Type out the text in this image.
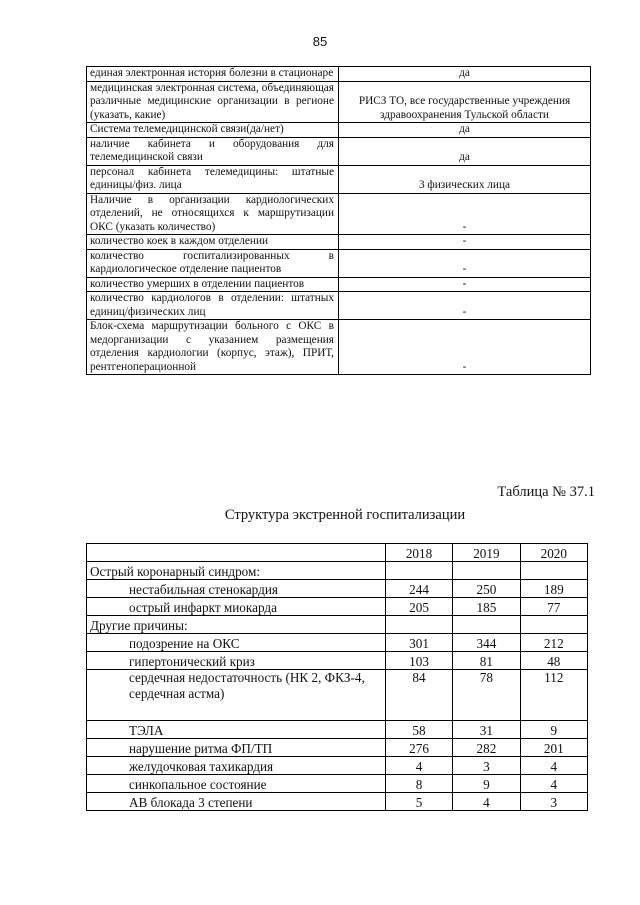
85
единая электронная история болезни в стационаре	да
медицинская электронная система, объединяющая различные медицинские организации в регионе (указать, какие)	РИСЗ ТО, все государственные учреждения здравоохранения Тульской области
Система телемедицинской связи(да/нет)	да
наличие кабинета и оборудования для телемедицинской связи	да
персонал кабинета телемедицины: штатные единицы/физ. лица	3 физических лица
Наличие в организации кардиологических отделений, не относящихся к маршрутизации ОКС (указать количество)	-
количество коек в каждом отделении	-
количество госпитализированных в кардиологическое отделение пациентов	-
количество умерших в отделении пациентов	-
количество кардиологов в отделении: штатных единиц/физических лиц	-
Блок-схема маршрутизации больного с ОКС в медорганизации с указанием размещения отделения кардиологии (корпус, этаж), ПРИТ, рентгеноперационной	-
Таблица № 37.1
Структура экстренной госпитализации
	2018	2019	2020
Острый коронарный синдром:			
нестабильная стенокардия	244	250	189
острый инфаркт миокарда	205	185	77
Другие причины:			
подозрение на ОКС	301	344	212
гипертонический криз	103	81	48
сердечная недостаточность (НК 2, ФКЗ-4, сердечная астма)	84	78	112
ТЭЛА	58	31	9
нарушение ритма ФП/ТП	276	282	201
желудочковая тахикардия	4	3	4
синкопальное состояние	8	9	4
АВ блокада 3 степени	5	4	3
